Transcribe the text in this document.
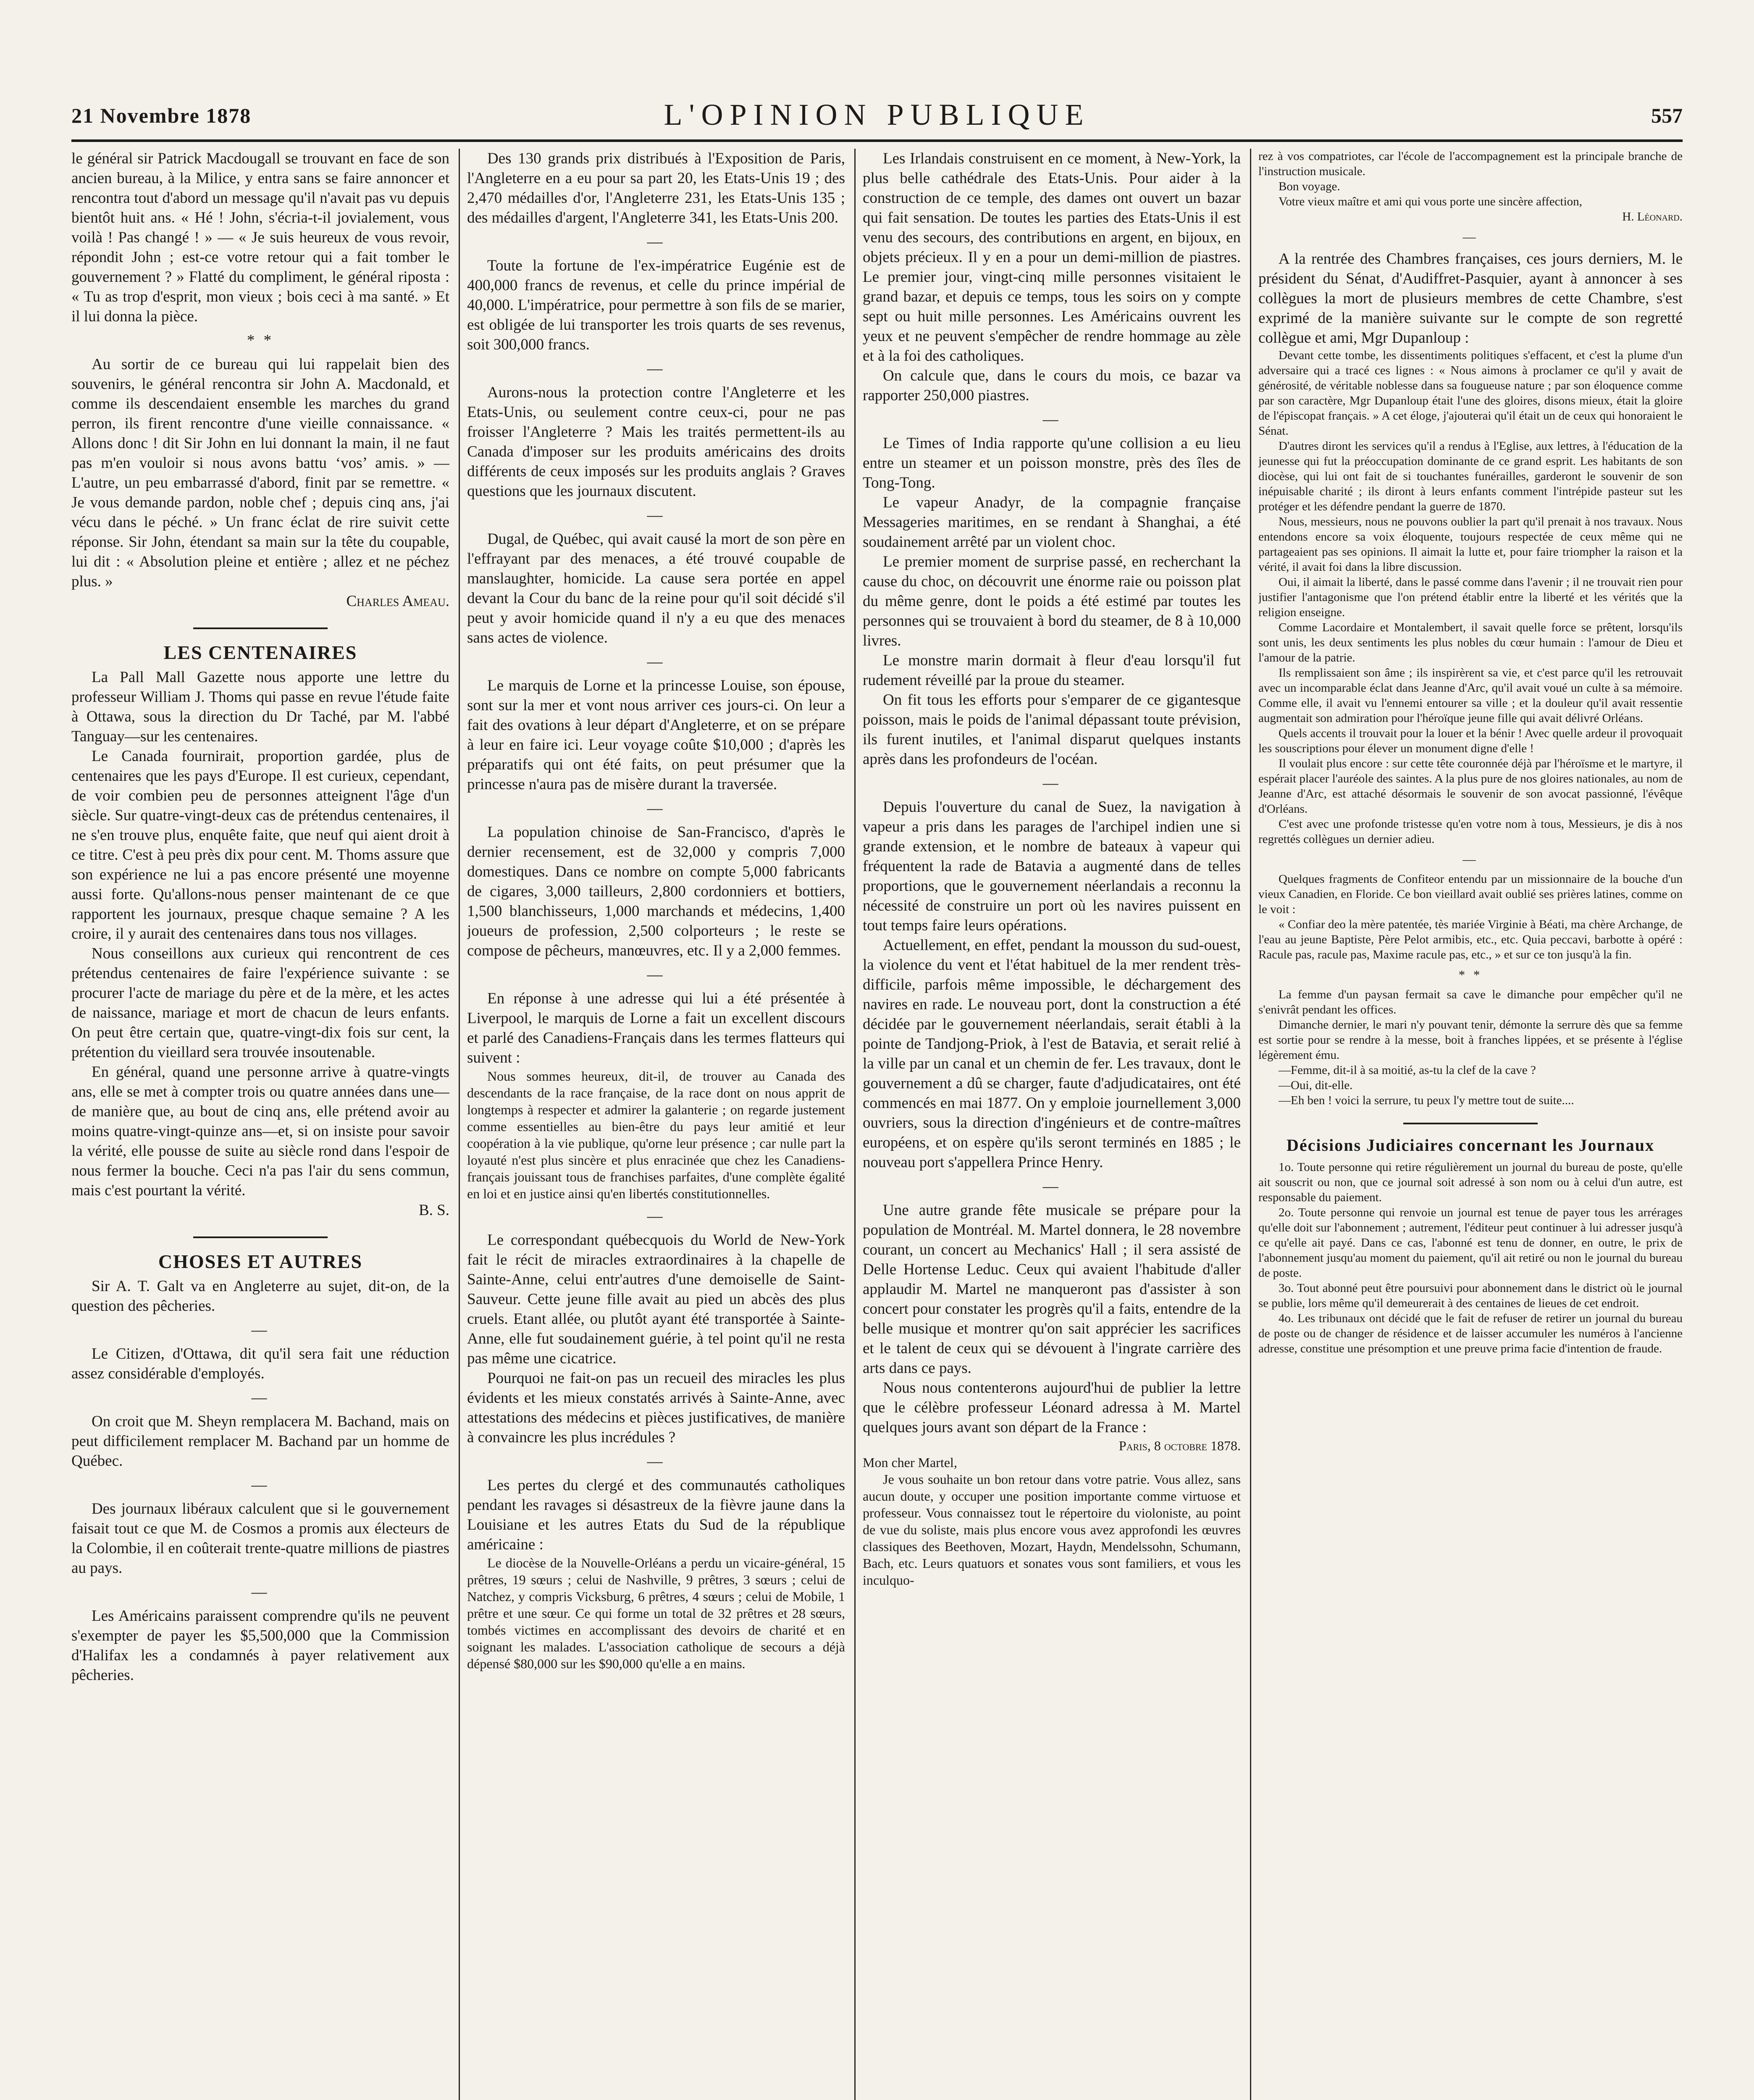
21 Novembre 1878	L'OPINION PUBLIQUE	557

le général sir Patrick Macdougall se trouvant en face de son ancien bureau, à la Milice, y entra sans se faire annoncer et rencontra tout d'abord un message qu'il n'avait pas vu depuis bientôt huit ans. « Hé ! John, s'écria-t-il jovialement, vous voilà ! Pas changé ! » — « Je suis heureux de vous revoir, répondit John ; est-ce votre retour qui a fait tomber le gouvernement ? » Flatté du compliment, le général riposta : « Tu as trop d'esprit, mon vieux ; bois ceci à ma santé. » Et il lui donna la pièce.

* *

Au sortir de ce bureau qui lui rappelait bien des souvenirs, le général rencontra sir John A. Macdonald, et comme ils descendaient ensemble les marches du grand perron, ils firent rencontre d'une vieille connaissance. « Allons donc ! dit Sir John en lui donnant la main, il ne faut pas m'en vouloir si nous avons battu ‘vos’ amis. » — L'autre, un peu embarrassé d'abord, finit par se remettre. « Je vous demande pardon, noble chef ; depuis cinq ans, j'ai vécu dans le péché. » Un franc éclat de rire suivit cette réponse. Sir John, étendant sa main sur la tête du coupable, lui dit : « Absolution pleine et entière ; allez et ne péchez plus. »

Charles Ameau.

LES CENTENAIRES

La Pall Mall Gazette nous apporte une lettre du professeur William J. Thoms qui passe en revue l'étude faite à Ottawa, sous la direction du Dr Taché, par M. l'abbé Tanguay—sur les centenaires.

Le Canada fournirait, proportion gardée, plus de centenaires que les pays d'Europe. Il est curieux, cependant, de voir combien peu de personnes atteignent l'âge d'un siècle. Sur quatre-vingt-deux cas de prétendus centenaires, il ne s'en trouve plus, enquête faite, que neuf qui aient droit à ce titre. C'est à peu près dix pour cent. M. Thoms assure que son expérience ne lui a pas encore présenté une moyenne aussi forte. Qu'allons-nous penser maintenant de ce que rapportent les journaux, presque chaque semaine ? A les croire, il y aurait des centenaires dans tous nos villages.

Nous conseillons aux curieux qui rencontrent de ces prétendus centenaires de faire l'expérience suivante : se procurer l'acte de mariage du père et de la mère, et les actes de naissance, mariage et mort de chacun de leurs enfants. On peut être certain que, quatre-vingt-dix fois sur cent, la prétention du vieillard sera trouvée insoutenable.

En général, quand une personne arrive à quatre-vingts ans, elle se met à compter trois ou quatre années dans une—de manière que, au bout de cinq ans, elle prétend avoir au moins quatre-vingt-quinze ans—et, si on insiste pour savoir la vérité, elle pousse de suite au siècle rond dans l'espoir de nous fermer la bouche. Ceci n'a pas l'air du sens commun, mais c'est pourtant la vérité.

B. S.

CHOSES ET AUTRES

Sir A. T. Galt va en Angleterre au sujet, dit-on, de la question des pêcheries.

—

Le Citizen, d'Ottawa, dit qu'il sera fait une réduction assez considérable d'employés.

—

On croit que M. Sheyn remplacera M. Bachand, mais on peut difficilement remplacer M. Bachand par un homme de Québec.

—

Des journaux libéraux calculent que si le gouvernement faisait tout ce que M. de Cosmos a promis aux électeurs de la Colombie, il en coûterait trente-quatre millions de piastres au pays.

—

Les Américains paraissent comprendre qu'ils ne peuvent s'exempter de payer les $5,500,000 que la Commission d'Halifax les a condamnés à payer relativement aux pêcheries.

Des 130 grands prix distribués à l'Exposition de Paris, l'Angleterre en a eu pour sa part 20, les Etats-Unis 19 ; des 2,470 médailles d'or, l'Angleterre 231, les Etats-Unis 135 ; des médailles d'argent, l'Angleterre 341, les Etats-Unis 200.

—

Toute la fortune de l'ex-impératrice Eugénie est de 400,000 francs de revenus, et celle du prince impérial de 40,000. L'impératrice, pour permettre à son fils de se marier, est obligée de lui transporter les trois quarts de ses revenus, soit 300,000 francs.

—

Aurons-nous la protection contre l'Angleterre et les Etats-Unis, ou seulement contre ceux-ci, pour ne pas froisser l'Angleterre ? Mais les traités permettent-ils au Canada d'imposer sur les produits américains des droits différents de ceux imposés sur les produits anglais ? Graves questions que les journaux discutent.

—

Dugal, de Québec, qui avait causé la mort de son père en l'effrayant par des menaces, a été trouvé coupable de manslaughter, homicide. La cause sera portée en appel devant la Cour du banc de la reine pour qu'il soit décidé s'il peut y avoir homicide quand il n'y a eu que des menaces sans actes de violence.

—

Le marquis de Lorne et la princesse Louise, son épouse, sont sur la mer et vont nous arriver ces jours-ci. On leur a fait des ovations à leur départ d'Angleterre, et on se prépare à leur en faire ici. Leur voyage coûte $10,000 ; d'après les préparatifs qui ont été faits, on peut présumer que la princesse n'aura pas de misère durant la traversée.

—

La population chinoise de San-Francisco, d'après le dernier recensement, est de 32,000 y compris 7,000 domestiques. Dans ce nombre on compte 5,000 fabricants de cigares, 3,000 tailleurs, 2,800 cordonniers et bottiers, 1,500 blanchisseurs, 1,000 marchands et médecins, 1,400 joueurs de profession, 2,500 colporteurs ; le reste se compose de pêcheurs, manœuvres, etc. Il y a 2,000 femmes.

—

En réponse à une adresse qui lui a été présentée à Liverpool, le marquis de Lorne a fait un excellent discours et parlé des Canadiens-Français dans les termes flatteurs qui suivent :

Nous sommes heureux, dit-il, de trouver au Canada des descendants de la race française, de la race dont on nous apprit de longtemps à respecter et admirer la galanterie ; on regarde justement comme essentielles au bien-être du pays leur amitié et leur coopération à la vie publique, qu'orne leur présence ; car nulle part la loyauté n'est plus sincère et plus enracinée que chez les Canadiens-français jouissant tous de franchises parfaites, d'une complète égalité en loi et en justice ainsi qu'en libertés constitutionnelles.

—

Le correspondant québecquois du World de New-York fait le récit de miracles extraordinaires à la chapelle de Sainte-Anne, celui entr'autres d'une demoiselle de Saint-Sauveur. Cette jeune fille avait au pied un abcès des plus cruels. Etant allée, ou plutôt ayant été transportée à Sainte-Anne, elle fut soudainement guérie, à tel point qu'il ne resta pas même une cicatrice.

Pourquoi ne fait-on pas un recueil des miracles les plus évidents et les mieux constatés arrivés à Sainte-Anne, avec attestations des médecins et pièces justificatives, de manière à convaincre les plus incrédules ?

—

Les pertes du clergé et des communautés catholiques pendant les ravages si désastreux de la fièvre jaune dans la Louisiane et les autres Etats du Sud de la république américaine :

Le diocèse de la Nouvelle-Orléans a perdu un vicaire-général, 15 prêtres, 19 sœurs ; celui de Nashville, 9 prêtres, 3 sœurs ; celui de Natchez, y compris Vicksburg, 6 prêtres, 4 sœurs ; celui de Mobile, 1 prêtre et une sœur. Ce qui forme un total de 32 prêtres et 28 sœurs, tombés victimes en accomplissant des devoirs de charité et en soignant les malades. L'association catholique de secours a déjà dépensé $80,000 sur les $90,000 qu'elle a en mains.

Les Irlandais construisent en ce moment, à New-York, la plus belle cathédrale des Etats-Unis. Pour aider à la construction de ce temple, des dames ont ouvert un bazar qui fait sensation. De toutes les parties des Etats-Unis il est venu des secours, des contributions en argent, en bijoux, en objets précieux. Il y en a pour un demi-million de piastres. Le premier jour, vingt-cinq mille personnes visitaient le grand bazar, et depuis ce temps, tous les soirs on y compte sept ou huit mille personnes. Les Américains ouvrent les yeux et ne peuvent s'empêcher de rendre hommage au zèle et à la foi des catholiques.

On calcule que, dans le cours du mois, ce bazar va rapporter 250,000 piastres.

—

Le Times of India rapporte qu'une collision a eu lieu entre un steamer et un poisson monstre, près des îles de Tong-Tong.

Le vapeur Anadyr, de la compagnie française Messageries maritimes, en se rendant à Shanghai, a été soudainement arrêté par un violent choc.

Le premier moment de surprise passé, en recherchant la cause du choc, on découvrit une énorme raie ou poisson plat du même genre, dont le poids a été estimé par toutes les personnes qui se trouvaient à bord du steamer, de 8 à 10,000 livres.

Le monstre marin dormait à fleur d'eau lorsqu'il fut rudement réveillé par la proue du steamer.

On fit tous les efforts pour s'emparer de ce gigantesque poisson, mais le poids de l'animal dépassant toute prévision, ils furent inutiles, et l'animal disparut quelques instants après dans les profondeurs de l'océan.

—

Depuis l'ouverture du canal de Suez, la navigation à vapeur a pris dans les parages de l'archipel indien une si grande extension, et le nombre de bateaux à vapeur qui fréquentent la rade de Batavia a augmenté dans de telles proportions, que le gouvernement néerlandais a reconnu la nécessité de construire un port où les navires puissent en tout temps faire leurs opérations.

Actuellement, en effet, pendant la mousson du sud-ouest, la violence du vent et l'état habituel de la mer rendent très-difficile, parfois même impossible, le déchargement des navires en rade. Le nouveau port, dont la construction a été décidée par le gouvernement néerlandais, serait établi à la pointe de Tandjong-Priok, à l'est de Batavia, et serait relié à la ville par un canal et un chemin de fer. Les travaux, dont le gouvernement a dû se charger, faute d'adjudicataires, ont été commencés en mai 1877. On y emploie journellement 3,000 ouvriers, sous la direction d'ingénieurs et de contre-maîtres européens, et on espère qu'ils seront terminés en 1885 ; le nouveau port s'appellera Prince Henry.

—

Une autre grande fête musicale se prépare pour la population de Montréal. M. Martel donnera, le 28 novembre courant, un concert au Mechanics' Hall ; il sera assisté de Delle Hortense Leduc. Ceux qui avaient l'habitude d'aller applaudir M. Martel ne manqueront pas d'assister à son concert pour constater les progrès qu'il a faits, entendre de la belle musique et montrer qu'on sait apprécier les sacrifices et le talent de ceux qui se dévouent à l'ingrate carrière des arts dans ce pays.

Nous nous contenterons aujourd'hui de publier la lettre que le célèbre professeur Léonard adressa à M. Martel quelques jours avant son départ de la France :

Paris, 8 octobre 1878.

Mon cher Martel,

Je vous souhaite un bon retour dans votre patrie. Vous allez, sans aucun doute, y occuper une position importante comme virtuose et professeur. Vous connaissez tout le répertoire du violoniste, au point de vue du soliste, mais plus encore vous avez approfondi les œuvres classiques des Beethoven, Mozart, Haydn, Mendelssohn, Schumann, Bach, etc. Leurs quatuors et sonates vous sont familiers, et vous les inculquo-

rez à vos compatriotes, car l'école de l'accompagnement est la principale branche de l'instruction musicale.

Bon voyage.

Votre vieux maître et ami qui vous porte une sincère affection,

H. Léonard.

—

A la rentrée des Chambres françaises, ces jours derniers, M. le président du Sénat, d'Audiffret-Pasquier, ayant à annoncer à ses collègues la mort de plusieurs membres de cette Chambre, s'est exprimé de la manière suivante sur le compte de son regretté collègue et ami, Mgr Dupanloup :

Devant cette tombe, les dissentiments politiques s'effacent, et c'est la plume d'un adversaire qui a tracé ces lignes : « Nous aimons à proclamer ce qu'il y avait de générosité, de véritable noblesse dans sa fougueuse nature ; par son éloquence comme par son caractère, Mgr Dupanloup était l'une des gloires, disons mieux, était la gloire de l'épiscopat français. » A cet éloge, j'ajouterai qu'il était un de ceux qui honoraient le Sénat.

D'autres diront les services qu'il a rendus à l'Eglise, aux lettres, à l'éducation de la jeunesse qui fut la préoccupation dominante de ce grand esprit. Les habitants de son diocèse, qui lui ont fait de si touchantes funérailles, garderont le souvenir de son inépuisable charité ; ils diront à leurs enfants comment l'intrépide pasteur sut les protéger et les défendre pendant la guerre de 1870.

Nous, messieurs, nous ne pouvons oublier la part qu'il prenait à nos travaux. Nous entendons encore sa voix éloquente, toujours respectée de ceux même qui ne partageaient pas ses opinions. Il aimait la lutte et, pour faire triompher la raison et la vérité, il avait foi dans la libre discussion.

Oui, il aimait la liberté, dans le passé comme dans l'avenir ; il ne trouvait rien pour justifier l'antagonisme que l'on prétend établir entre la liberté et les vérités que la religion enseigne.

Comme Lacordaire et Montalembert, il savait quelle force se prêtent, lorsqu'ils sont unis, les deux sentiments les plus nobles du cœur humain : l'amour de Dieu et l'amour de la patrie.

Ils remplissaient son âme ; ils inspirèrent sa vie, et c'est parce qu'il les retrouvait avec un incomparable éclat dans Jeanne d'Arc, qu'il avait voué un culte à sa mémoire. Comme elle, il avait vu l'ennemi entourer sa ville ; et la douleur qu'il avait ressentie augmentait son admiration pour l'héroïque jeune fille qui avait délivré Orléans.

Quels accents il trouvait pour la louer et la bénir ! Avec quelle ardeur il provoquait les souscriptions pour élever un monument digne d'elle !

Il voulait plus encore : sur cette tête couronnée déjà par l'héroïsme et le martyre, il espérait placer l'auréole des saintes. A la plus pure de nos gloires nationales, au nom de Jeanne d'Arc, est attaché désormais le souvenir de son avocat passionné, l'évêque d'Orléans.

C'est avec une profonde tristesse qu'en votre nom à tous, Messieurs, je dis à nos regrettés collègues un dernier adieu.

—

Quelques fragments de Confiteor entendu par un missionnaire de la bouche d'un vieux Canadien, en Floride. Ce bon vieillard avait oublié ses prières latines, comme on le voit :

« Confiar deo la mère patentée, tès mariée Virginie à Béati, ma chère Archange, de l'eau au jeune Baptiste, Père Pelot armibis, etc., etc. Quia peccavi, barbotte à opéré : Racule pas, racule pas, Maxime racule pas, etc., » et sur ce ton jusqu'à la fin.

* *

La femme d'un paysan fermait sa cave le dimanche pour empêcher qu'il ne s'enivrât pendant les offices.

Dimanche dernier, le mari n'y pouvant tenir, démonte la serrure dès que sa femme est sortie pour se rendre à la messe, boit à franches lippées, et se présente à l'église légèrement ému.

—Femme, dit-il à sa moitié, as-tu la clef de la cave ?

—Oui, dit-elle.

—Eh ben ! voici la serrure, tu peux l'y mettre tout de suite....

Décisions Judiciaires concernant les Journaux

1o. Toute personne qui retire régulièrement un journal du bureau de poste, qu'elle ait souscrit ou non, que ce journal soit adressé à son nom ou à celui d'un autre, est responsable du paiement.

2o. Toute personne qui renvoie un journal est tenue de payer tous les arrérages qu'elle doit sur l'abonnement ; autrement, l'éditeur peut continuer à lui adresser jusqu'à ce qu'elle ait payé. Dans ce cas, l'abonné est tenu de donner, en outre, le prix de l'abonnement jusqu'au moment du paiement, qu'il ait retiré ou non le journal du bureau de poste.

3o. Tout abonné peut être poursuivi pour abonnement dans le district où le journal se publie, lors même qu'il demeurerait à des centaines de lieues de cet endroit.

4o. Les tribunaux ont décidé que le fait de refuser de retirer un journal du bureau de poste ou de changer de résidence et de laisser accumuler les numéros à l'ancienne adresse, constitue une présomption et une preuve prima facie d'intention de fraude.
